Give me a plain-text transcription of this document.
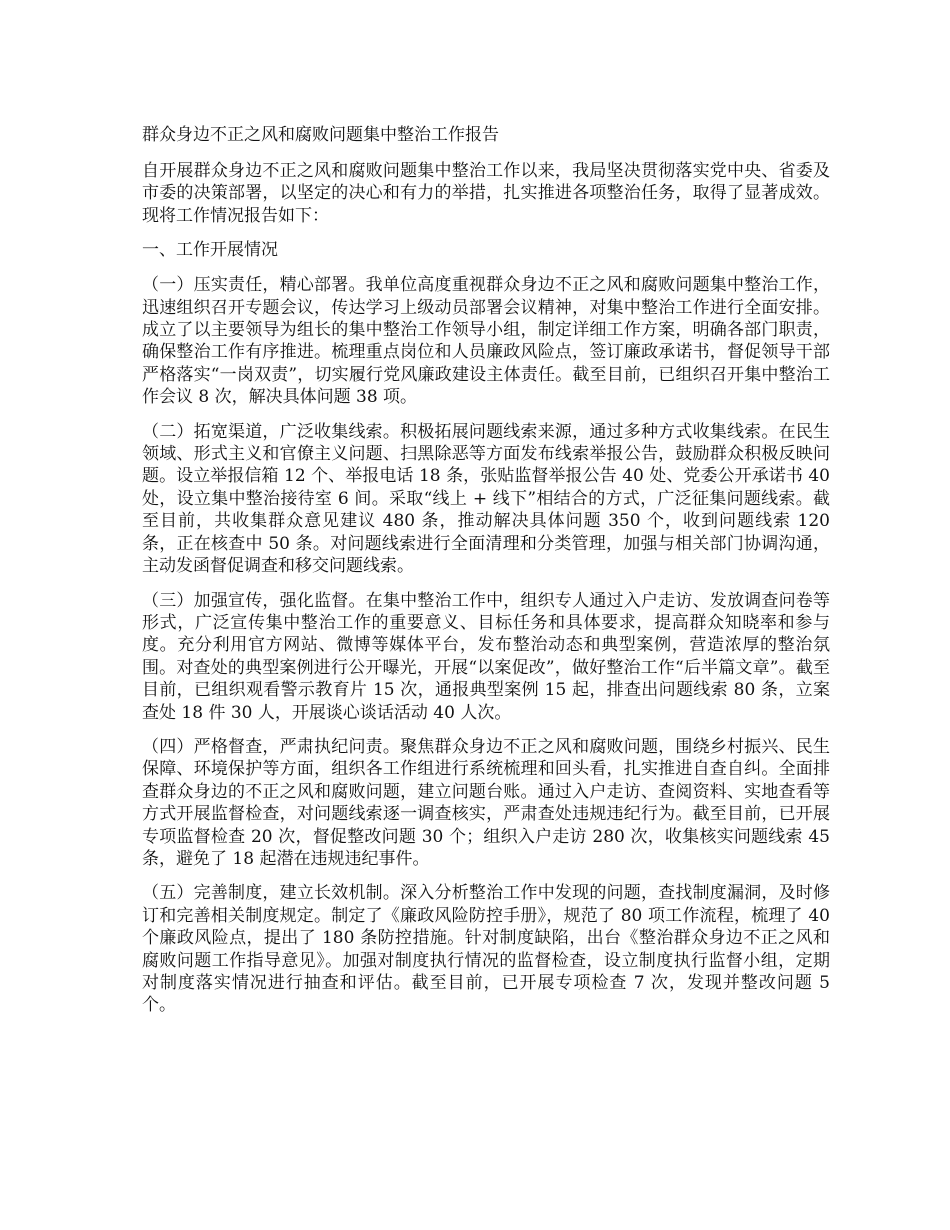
群众身边不正之风和腐败问题集中整治工作报告

自开展群众身边不正之风和腐败问题集中整治工作以来，我局坚决贯彻落实党中央、省委及市委的决策部署，以坚定的决心和有力的举措，扎实推进各项整治任务，取得了显著成效。现将工作情况报告如下：

一、工作开展情况

（一）压实责任，精心部署。我单位高度重视群众身边不正之风和腐败问题集中整治工作，迅速组织召开专题会议，传达学习上级动员部署会议精神，对集中整治工作进行全面安排。成立了以主要领导为组长的集中整治工作领导小组，制定详细工作方案，明确各部门职责，确保整治工作有序推进。梳理重点岗位和人员廉政风险点，签订廉政承诺书，督促领导干部严格落实“一岗双责”，切实履行党风廉政建设主体责任。截至目前，已组织召开集中整治工作会议 8 次，解决具体问题 38 项。

（二）拓宽渠道，广泛收集线索。积极拓展问题线索来源，通过多种方式收集线索。在民生领域、形式主义和官僚主义问题、扫黑除恶等方面发布线索举报公告，鼓励群众积极反映问题。设立举报信箱 12 个、举报电话 18 条，张贴监督举报公告 40 处、党委公开承诺书 40 处，设立集中整治接待室 6 间。采取“线上 + 线下”相结合的方式，广泛征集问题线索。截至目前，共收集群众意见建议 480 条，推动解决具体问题 350 个，收到问题线索 120 条，正在核查中 50 条。对问题线索进行全面清理和分类管理，加强与相关部门协调沟通，主动发函督促调查和移交问题线索。

（三）加强宣传，强化监督。在集中整治工作中，组织专人通过入户走访、发放调查问卷等形式，广泛宣传集中整治工作的重要意义、目标任务和具体要求，提高群众知晓率和参与度。充分利用官方网站、微博等媒体平台，发布整治动态和典型案例，营造浓厚的整治氛围。对查处的典型案例进行公开曝光，开展“以案促改”，做好整治工作“后半篇文章”。截至目前，已组织观看警示教育片 15 次，通报典型案例 15 起，排查出问题线索 80 条，立案查处 18 件 30 人，开展谈心谈话活动 40 人次。

（四）严格督查，严肃执纪问责。聚焦群众身边不正之风和腐败问题，围绕乡村振兴、民生保障、环境保护等方面，组织各工作组进行系统梳理和回头看，扎实推进自查自纠。全面排查群众身边的不正之风和腐败问题，建立问题台账。通过入户走访、查阅资料、实地查看等方式开展监督检查，对问题线索逐一调查核实，严肃查处违规违纪行为。截至目前，已开展专项监督检查 20 次，督促整改问题 30 个；组织入户走访 280 次，收集核实问题线索 45 条，避免了 18 起潜在违规违纪事件。

（五）完善制度，建立长效机制。深入分析整治工作中发现的问题，查找制度漏洞，及时修订和完善相关制度规定。制定了《廉政风险防控手册》，规范了 80 项工作流程，梳理了 40 个廉政风险点，提出了 180 条防控措施。针对制度缺陷，出台《整治群众身边不正之风和腐败问题工作指导意见》。加强对制度执行情况的监督检查，设立制度执行监督小组，定期对制度落实情况进行抽查和评估。截至目前，已开展专项检查 7 次，发现并整改问题 5 个。
